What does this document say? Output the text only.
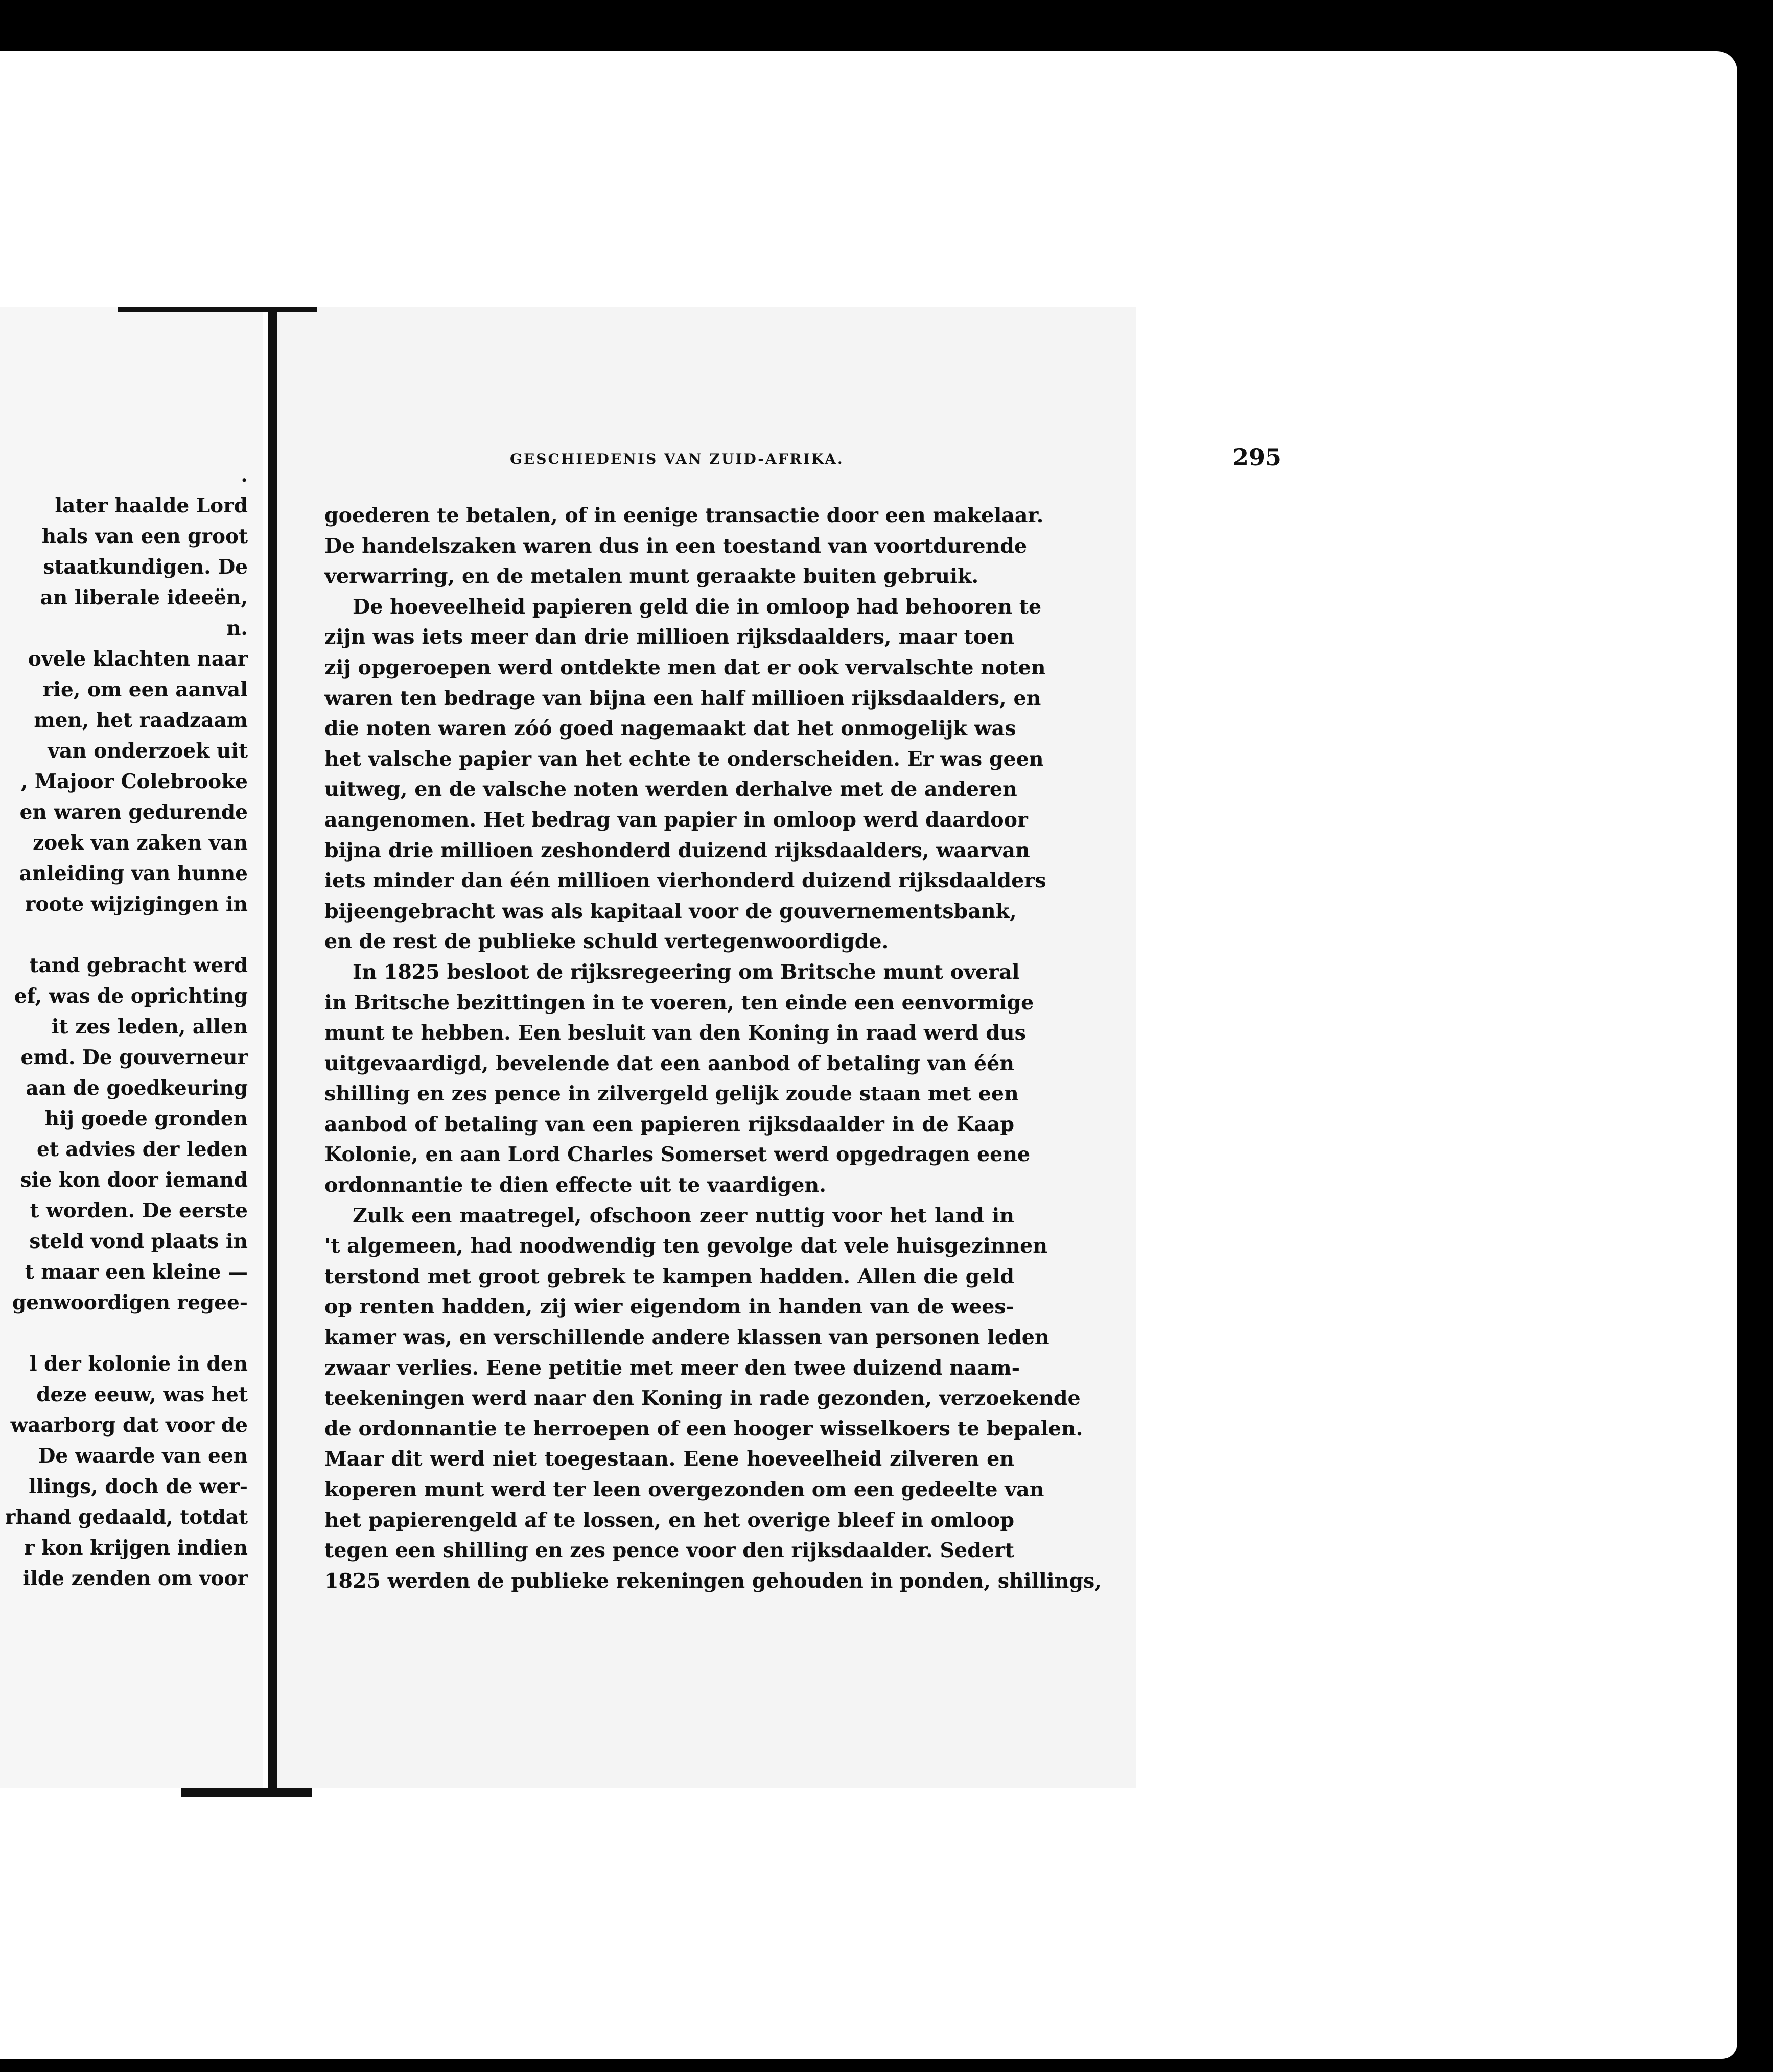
.
later haalde Lord
hals van een groot
staatkundigen. De
an liberale ideeën,
n.
ovele klachten naar
rie, om een aanval
men, het raadzaam
van onderzoek uit
, Majoor Colebrooke
en waren gedurende
zoek van zaken van
anleiding van hunne
roote wijzigingen in
tand gebracht werd
ef, was de oprichting
it zes leden, allen
emd. De gouverneur
aan de goedkeuring
hij goede gronden
et advies der leden
sie kon door iemand
t worden. De eerste
steld vond plaats in
t maar een kleine —
genwoordigen regee-
l der kolonie in den
deze eeuw, was het
waarborg dat voor de
De waarde van een
llings, doch de wer-
rhand gedaald, totdat
r kon krijgen indien
ilde zenden om voor
GESCHIEDENIS VAN ZUID-AFRIKA.	295
goederen te betalen, of in eenige transactie door een makelaar.
De handelszaken waren dus in een toestand van voortdurende
verwarring, en de metalen munt geraakte buiten gebruik.
De hoeveelheid papieren geld die in omloop had behooren te
zijn was iets meer dan drie millioen rijksdaalders, maar toen
zij opgeroepen werd ontdekte men dat er ook vervalschte noten
waren ten bedrage van bijna een half millioen rijksdaalders, en
die noten waren zóó goed nagemaakt dat het onmogelijk was
het valsche papier van het echte te onderscheiden. Er was geen
uitweg, en de valsche noten werden derhalve met de anderen
aangenomen. Het bedrag van papier in omloop werd daardoor
bijna drie millioen zeshonderd duizend rijksdaalders, waarvan
iets minder dan één millioen vierhonderd duizend rijksdaalders
bijeengebracht was als kapitaal voor de gouvernementsbank,
en de rest de publieke schuld vertegenwoordigde.
In 1825 besloot de rijksregeering om Britsche munt overal
in Britsche bezittingen in te voeren, ten einde een eenvormige
munt te hebben. Een besluit van den Koning in raad werd dus
uitgevaardigd, bevelende dat een aanbod of betaling van één
shilling en zes pence in zilvergeld gelijk zoude staan met een
aanbod of betaling van een papieren rijksdaalder in de Kaap
Kolonie, en aan Lord Charles Somerset werd opgedragen eene
ordonnantie te dien effecte uit te vaardigen.
Zulk een maatregel, ofschoon zeer nuttig voor het land in
't algemeen, had noodwendig ten gevolge dat vele huisgezinnen
terstond met groot gebrek te kampen hadden. Allen die geld
op renten hadden, zij wier eigendom in handen van de wees-
kamer was, en verschillende andere klassen van personen leden
zwaar verlies. Eene petitie met meer den twee duizend naam-
teekeningen werd naar den Koning in rade gezonden, verzoekende
de ordonnantie te herroepen of een hooger wisselkoers te bepalen.
Maar dit werd niet toegestaan. Eene hoeveelheid zilveren en
koperen munt werd ter leen overgezonden om een gedeelte van
het papierengeld af te lossen, en het overige bleef in omloop
tegen een shilling en zes pence voor den rijksdaalder. Sedert
1825 werden de publieke rekeningen gehouden in ponden, shillings,
